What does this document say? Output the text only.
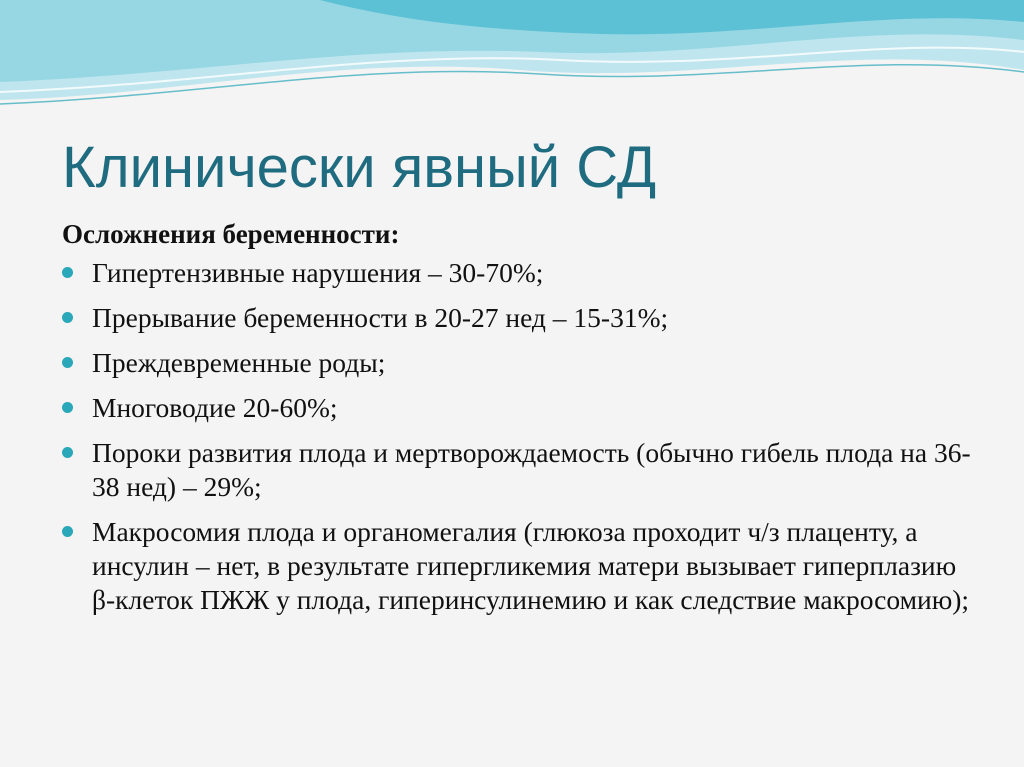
Клинически явный СД

Осложнения беременности:

Гипертензивные нарушения – 30-70%;
Прерывание беременности в 20-27 нед – 15-31%;
Преждевременные роды;
Многоводие 20-60%;
Пороки развития плода и мертворождаемость (обычно гибель плода на 36-38 нед) – 29%;
Макросомия плода и органомегалия (глюкоза проходит ч/з плаценту, а инсулин – нет, в результате гипергликемия матери вызывает гиперплазию β-клеток ПЖЖ у плода, гиперинсулинемию и как следствие макросомию);
